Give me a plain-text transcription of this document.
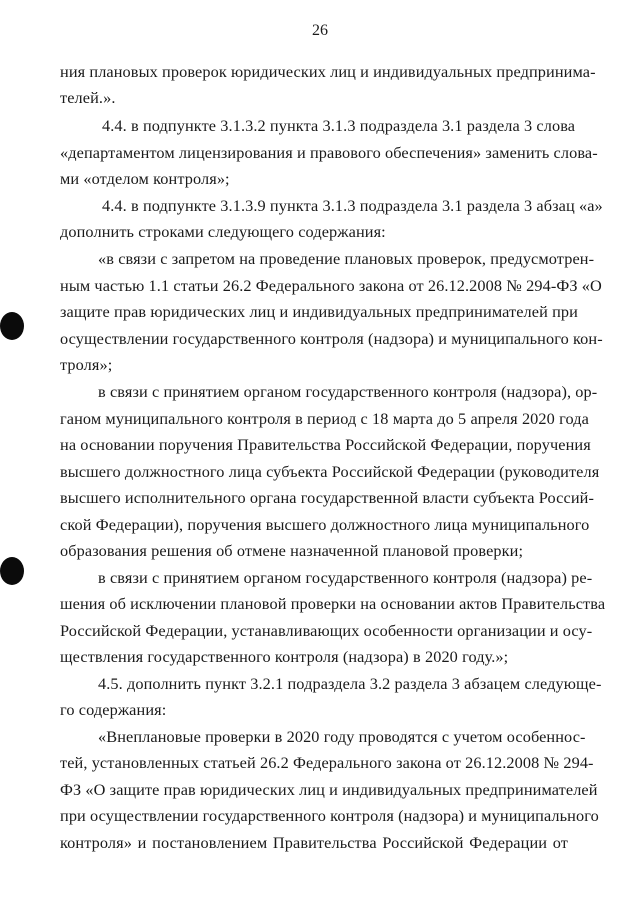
26
ния плановых проверок юридических лиц и индивидуальных предпринима-
телей.».
4.4. в подпункте 3.1.3.2 пункта 3.1.3 подраздела 3.1 раздела 3 слова
«департаментом лицензирования и правового обеспечения» заменить слова-
ми «отделом контроля»;
4.4. в подпункте 3.1.3.9 пункта 3.1.3 подраздела 3.1 раздела 3 абзац «а»
дополнить строками следующего содержания:
«в связи с запретом на проведение плановых проверок, предусмотрен-
ным частью 1.1 статьи 26.2 Федерального закона от 26.12.2008 № 294-ФЗ «О
защите прав юридических лиц и индивидуальных предпринимателей при
осуществлении государственного контроля (надзора) и муниципального кон-
троля»;
в связи с принятием органом государственного контроля (надзора), ор-
ганом муниципального контроля в период с 18 марта до 5 апреля 2020 года
на основании поручения Правительства Российской Федерации, поручения
высшего должностного лица субъекта Российской Федерации (руководителя
высшего исполнительного органа государственной власти субъекта Россий-
ской Федерации), поручения высшего должностного лица муниципального
образования решения об отмене назначенной плановой проверки;
в связи с принятием органом государственного контроля (надзора) ре-
шения об исключении плановой проверки на основании актов Правительства
Российской Федерации, устанавливающих особенности организации и осу-
ществления государственного контроля (надзора) в 2020 году.»;
4.5. дополнить пункт 3.2.1 подраздела 3.2 раздела 3 абзацем следующе-
го содержания:
«Внеплановые проверки в 2020 году проводятся с учетом особеннос-
тей, установленных статьей 26.2 Федерального закона от 26.12.2008 № 294-
ФЗ «О защите прав юридических лиц и индивидуальных предпринимателей
при осуществлении государственного контроля (надзора) и муниципального
контроля» и постановлением Правительства Российской Федерации от
